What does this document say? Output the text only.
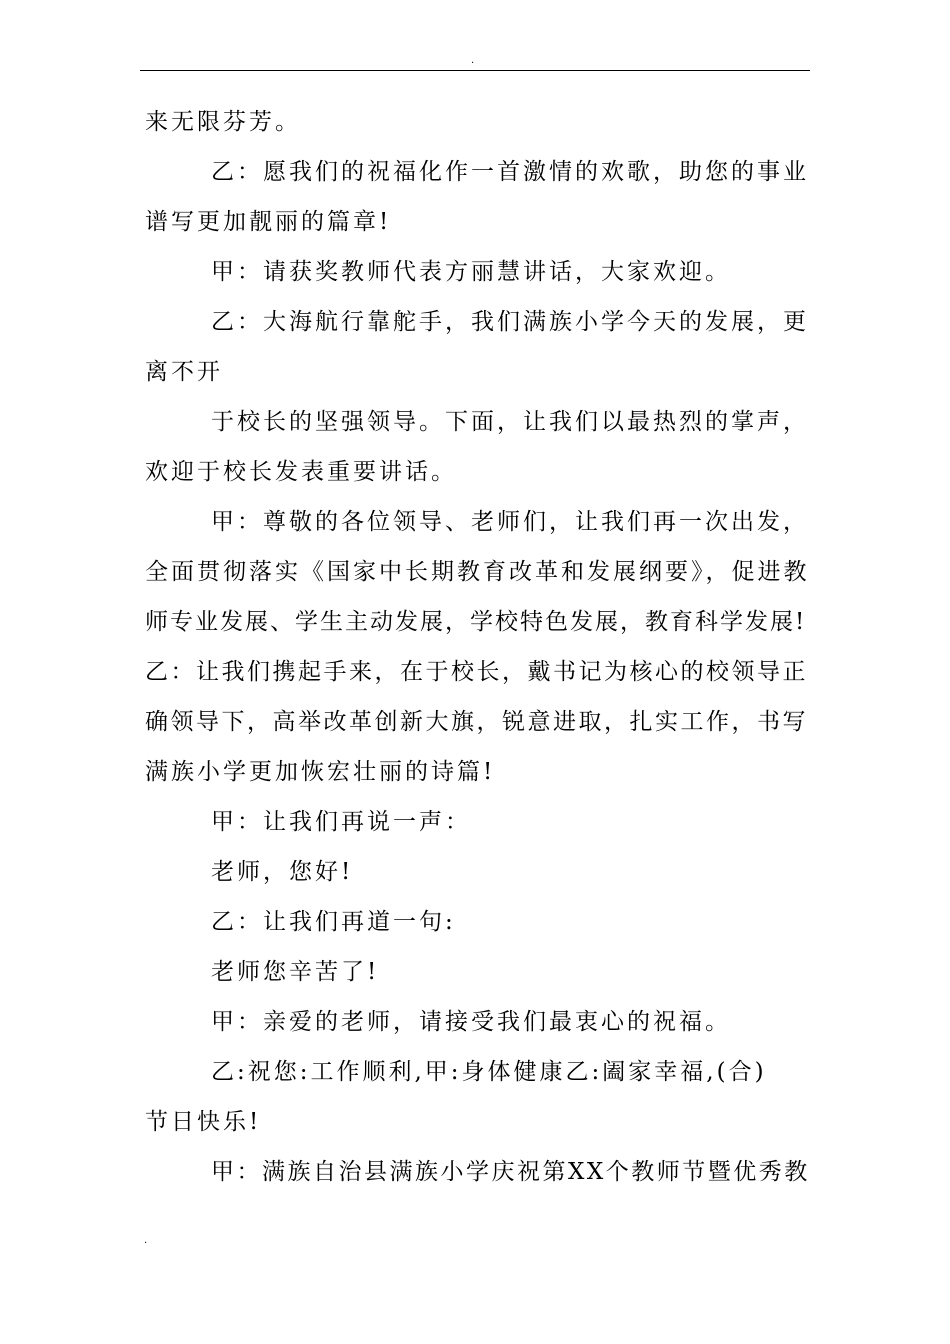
.
来无限芬芳。
乙：愿我们的祝福化作一首激情的欢歌，助您的事业
谱写更加靓丽的篇章!
甲：请获奖教师代表方丽慧讲话，大家欢迎。
乙：大海航行靠舵手，我们满族小学今天的发展，更
离不开
于校长的坚强领导。下面，让我们以最热烈的掌声，
欢迎于校长发表重要讲话。
甲：尊敬的各位领导、老师们，让我们再一次出发，
全面贯彻落实《国家中长期教育改革和发展纲要》，促进教
师专业发展、学生主动发展，学校特色发展，教育科学发展!
乙：让我们携起手来，在于校长，戴书记为核心的校领导正
确领导下，高举改革创新大旗，锐意进取，扎实工作，书写
满族小学更加恢宏壮丽的诗篇!
甲：让我们再说一声：
老师，您好!
乙：让我们再道一句:
老师您辛苦了!
甲：亲爱的老师，请接受我们最衷心的祝福。
乙:祝您:工作顺利,甲:身体健康乙:阖家幸福,(合)
节日快乐!
甲：满族自治县满族小学庆祝第XX个教师节暨优秀教
.
